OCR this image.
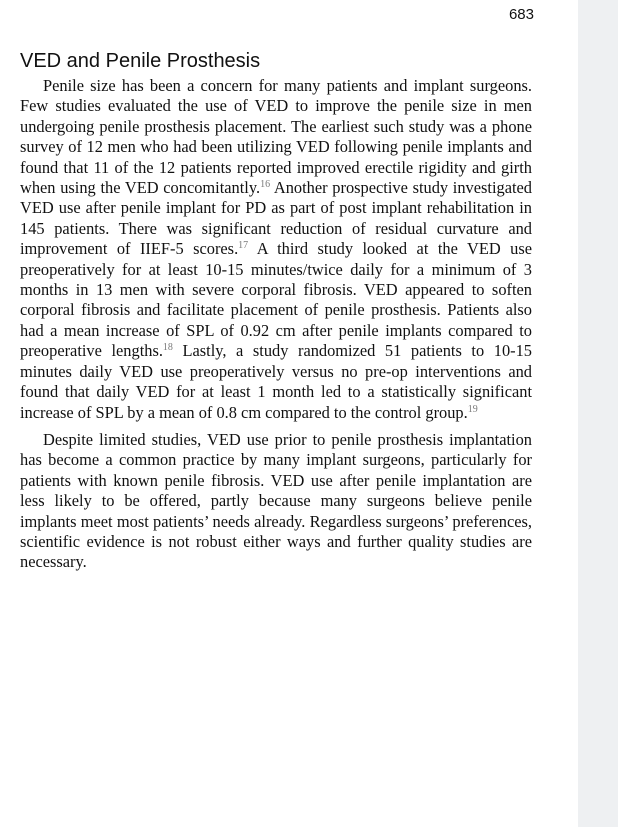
683
VED and Penile Prosthesis

Penile size has been a concern for many patients and implant surgeons. Few studies evaluated the use of VED to improve the penile size in men undergoing penile prosthesis placement. The earliest such study was a phone survey of 12 men who had been utilizing VED following penile implants and found that 11 of the 12 patients reported improved erectile rigidity and girth when using the VED concomitantly.$^{16}$ Another prospective study investigated VED use after penile implant for PD as part of post implant rehabilitation in 145 patients. There was significant reduction of residual curvature and improvement of IIEF-5 scores.$^{17}$ A third study looked at the VED use preoperatively for at least 10-15 minutes/twice daily for a minimum of 3 months in 13 men with severe corporal fibrosis. VED appeared to soften corporal fibrosis and facilitate placement of penile prosthesis. Patients also had a mean increase of SPL of 0.92 cm after penile implants compared to preoperative lengths.$^{18}$ Lastly, a study randomized 51 patients to 10-15 minutes daily VED use preoperatively versus no pre-op interventions and found that daily VED for at least 1 month led to a statistically significant increase of SPL by a mean of 0.8 cm compared to the control group.$^{19}$

Despite limited studies, VED use prior to penile prosthesis implantation has become a common practice by many implant surgeons, particularly for patients with known penile fibrosis. VED use after penile implantation are less likely to be offered, partly because many surgeons believe penile implants meet most patients’ needs already. Regardless surgeons’ preferences, scientific evidence is not robust either ways and further quality studies are necessary.
